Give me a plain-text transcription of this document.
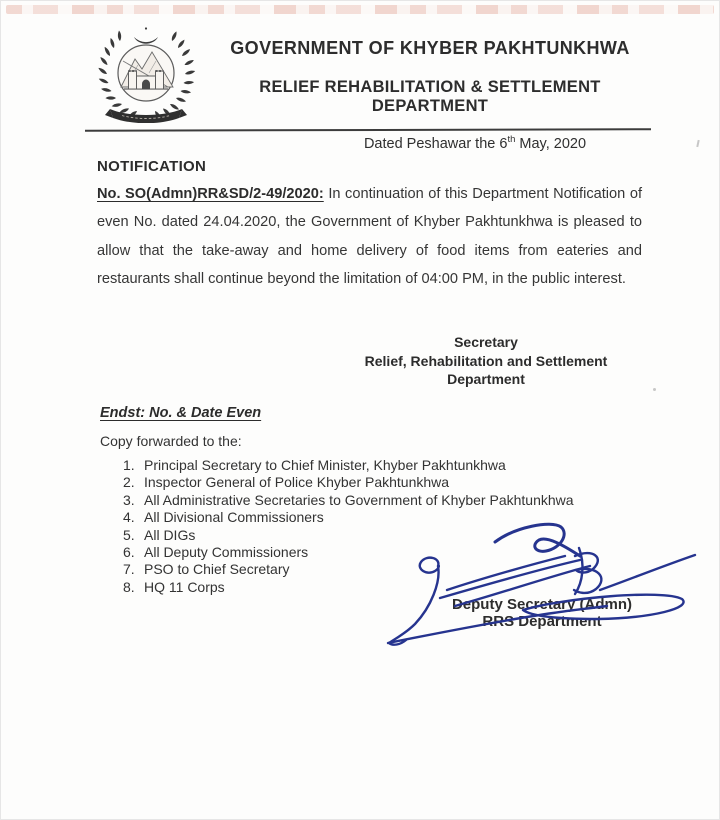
GOVERNMENT OF KHYBER PAKHTUNKHWA
RELIEF REHABILITATION & SETTLEMENT
DEPARTMENT
Dated Peshawar the 6th May, 2020
NOTIFICATION

No. SO(Admn)RR&SD/2-49/2020: In continuation of this Department Notification of even No. dated 24.04.2020, the Government of Khyber Pakhtunkhwa is pleased to allow that the take-away and home delivery of food items from eateries and restaurants shall continue beyond the limitation of 04:00 PM, in the public interest.

Secretary
Relief, Rehabilitation and Settlement
Department
Endst: No. & Date Even
Copy forwarded to the:
1. Principal Secretary to Chief Minister, Khyber Pakhtunkhwa
2. Inspector General of Police Khyber Pakhtunkhwa
3. All Administrative Secretaries to Government of Khyber Pakhtunkhwa
4. All Divisional Commissioners
5. All DIGs
6. All Deputy Commissioners
7. PSO to Chief Secretary
8. HQ 11 Corps
Deputy Secretary (Admn)
RRS Department
